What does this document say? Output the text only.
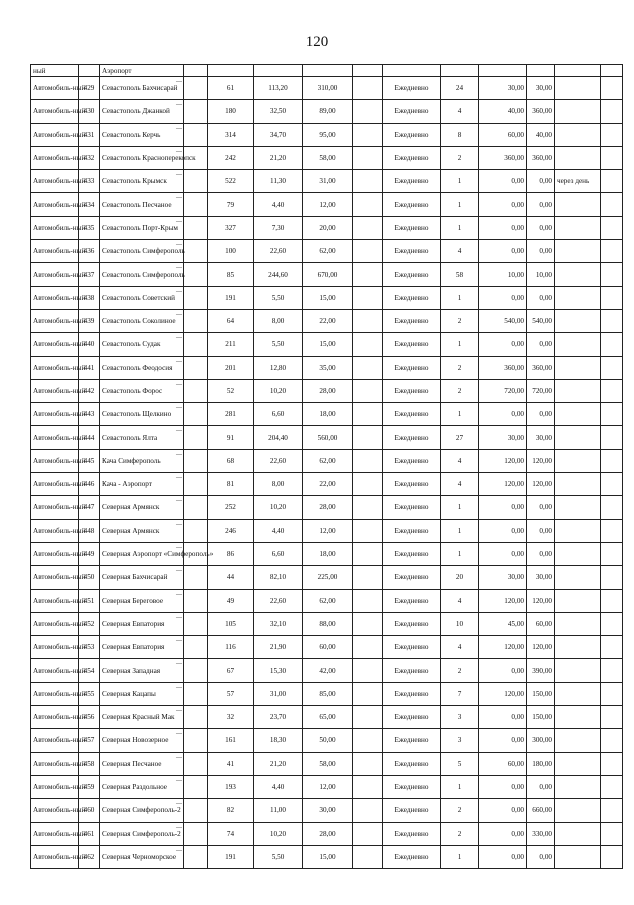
120
ный		Аэропорт											
Автомобиль-ный	429	Севастополь Бахчисарай —		61	113,20	310,00		Ежедневно	24	30,00	30,00		
Автомобиль-ный	430	Севастополь Джанкой —		180	32,50	89,00		Ежедневно	4	40,00	360,00		
Автомобиль-ный	431	Севастополь Керчь —		314	34,70	95,00		Ежедневно	8	60,00	40,00		
Автомобиль-ный	432	Севастополь Красноперекопск —		242	21,20	58,00		Ежедневно	2	360,00	360,00		
Автомобиль-ный	433	Севастополь Крымск —		522	11,30	31,00		Ежедневно	1	0,00	0,00	через день	
Автомобиль-ный	434	Севастополь Песчаное —		79	4,40	12,00		Ежедневно	1	0,00	0,00		
Автомобиль-ный	435	Севастополь Порт-Крым —		327	7,30	20,00		Ежедневно	1	0,00	0,00		
Автомобиль-ный	436	Севастополь Симферополь —		100	22,60	62,00		Ежедневно	4	0,00	0,00		
Автомобиль-ный	437	Севастополь Симферополь —		85	244,60	670,00		Ежедневно	58	10,00	10,00		
Автомобиль-ный	438	Севастополь Советский —		191	5,50	15,00		Ежедневно	1	0,00	0,00		
Автомобиль-ный	439	Севастополь Соколиное —		64	8,00	22,00		Ежедневно	2	540,00	540,00		
Автомобиль-ный	440	Севастополь Судак —		211	5,50	15,00		Ежедневно	1	0,00	0,00		
Автомобиль-ный	441	Севастополь Феодосия —		201	12,80	35,00		Ежедневно	2	360,00	360,00		
Автомобиль-ный	442	Севастополь Форос —		52	10,20	28,00		Ежедневно	2	720,00	720,00		
Автомобиль-ный	443	Севастополь Щелкино —		281	6,60	18,00		Ежедневно	1	0,00	0,00		
Автомобиль-ный	444	Севастополь Ялта —		91	204,40	560,00		Ежедневно	27	30,00	30,00		
Автомобиль-ный	445	Кача Симферополь —		68	22,60	62,00		Ежедневно	4	120,00	120,00		
Автомобиль-ный	446	Кача - Аэропорт —		81	8,00	22,00		Ежедневно	4	120,00	120,00		
Автомобиль-ный	447	Северная Армянск —		252	10,20	28,00		Ежедневно	1	0,00	0,00		
Автомобиль-ный	448	Северная Армянск —		246	4,40	12,00		Ежедневно	1	0,00	0,00		
Автомобиль-ный	449	Северная Аэропорт «Симферополь» —		86	6,60	18,00		Ежедневно	1	0,00	0,00		
Автомобиль-ный	450	Северная Бахчисарай —		44	82,10	225,00		Ежедневно	20	30,00	30,00		
Автомобиль-ный	451	Северная Береговое —		49	22,60	62,00		Ежедневно	4	120,00	120,00		
Автомобиль-ный	452	Северная Евпатория —		105	32,10	88,00		Ежедневно	10	45,00	60,00		
Автомобиль-ный	453	Северная Евпатория —		116	21,90	60,00		Ежедневно	4	120,00	120,00		
Автомобиль-ный	454	Северная Западная —		67	15,30	42,00		Ежедневно	2	0,00	390,00		
Автомобиль-ный	455	Северная Кацапы —		57	31,00	85,00		Ежедневно	7	120,00	150,00		
Автомобиль-ный	456	Северная Красный Мак —		32	23,70	65,00		Ежедневно	3	0,00	150,00		
Автомобиль-ный	457	Северная Новозерное —		161	18,30	50,00		Ежедневно	3	0,00	300,00		
Автомобиль-ный	458	Северная Песчаное —		41	21,20	58,00		Ежедневно	5	60,00	180,00		
Автомобиль-ный	459	Северная Раздольное —		193	4,40	12,00		Ежедневно	1	0,00	0,00		
Автомобиль-ный	460	Северная Симферополь-2 —		82	11,00	30,00		Ежедневно	2	0,00	660,00		
Автомобиль-ный	461	Северная Симферополь-2 —		74	10,20	28,00		Ежедневно	2	0,00	330,00		
Автомобиль-ный	462	Северная Черноморское —		191	5,50	15,00		Ежедневно	1	0,00	0,00		
